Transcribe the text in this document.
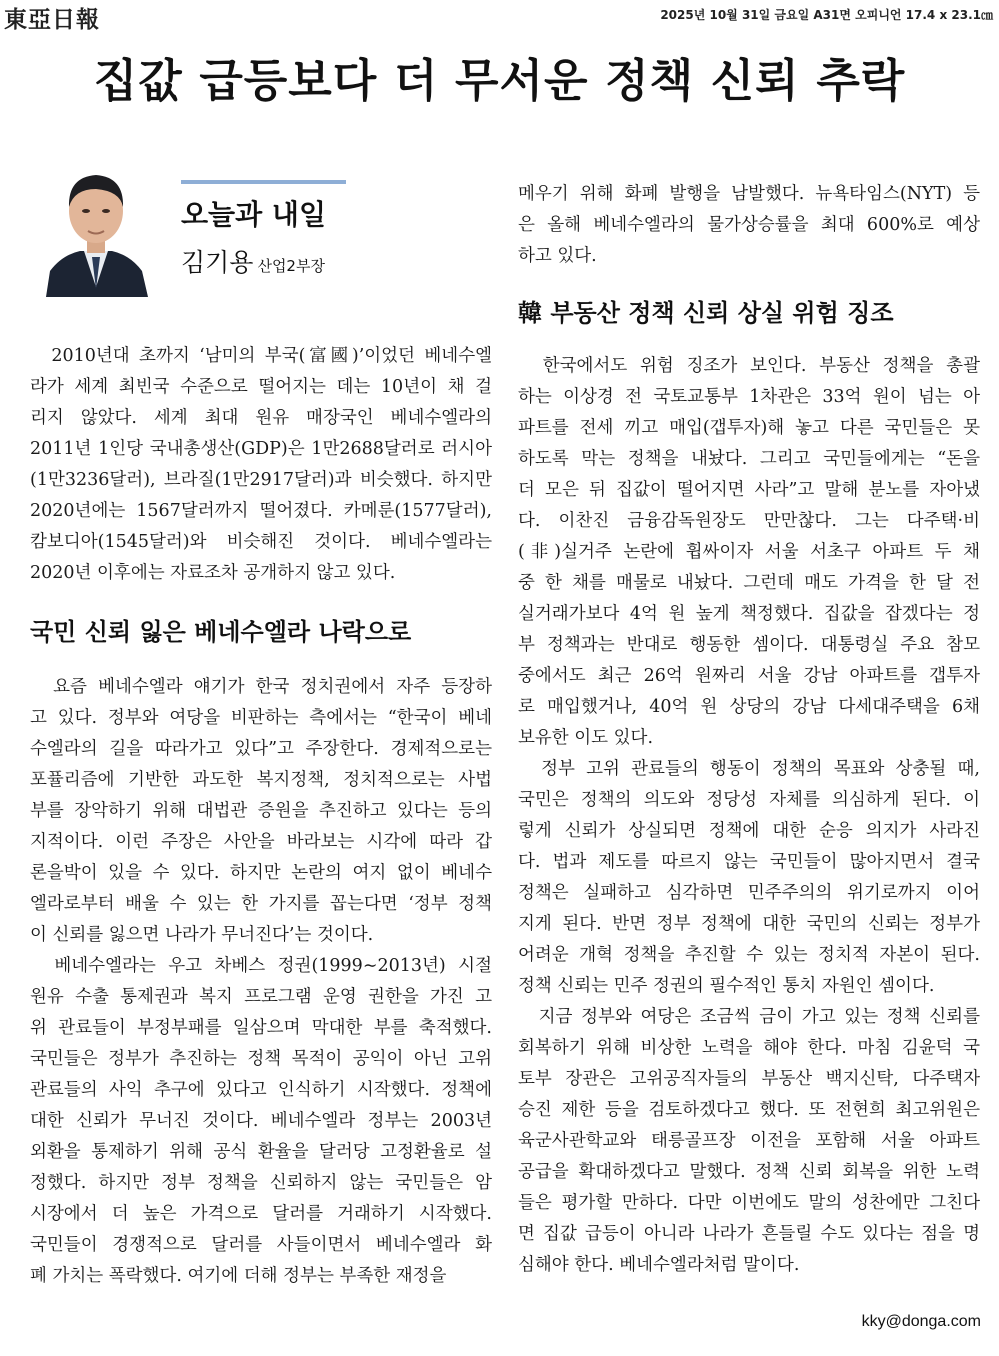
東亞日報	2025년 10월 31일 금요일 A31면 오피니언 17.4 x 23.1㎝
집값 급등보다 더 무서운 정책 신뢰 추락
오늘과 내일
김기용 산업2부장
　2010년대 초까지 ‘남미의 부국(富國)’이었던 베네수엘
라가 세계 최빈국 수준으로 떨어지는 데는 10년이 채 걸
리지 않았다. 세계 최대 원유 매장국인 베네수엘라의
2011년 1인당 국내총생산(GDP)은 1만2688달러로 러시아
(1만3236달러), 브라질(1만2917달러)과 비슷했다. 하지만
2020년에는 1567달러까지 떨어졌다. 카메룬(1577달러),
캄보디아(1545달러)와 비슷해진 것이다. 베네수엘라는
2020년 이후에는 자료조차 공개하지 않고 있다.
국민 신뢰 잃은 베네수엘라 나락으로
　요즘 베네수엘라 얘기가 한국 정치권에서 자주 등장하
고 있다. 정부와 여당을 비판하는 측에서는 “한국이 베네
수엘라의 길을 따라가고 있다”고 주장한다. 경제적으로는
포퓰리즘에 기반한 과도한 복지정책, 정치적으로는 사법
부를 장악하기 위해 대법관 증원을 추진하고 있다는 등의
지적이다. 이런 주장은 사안을 바라보는 시각에 따라 갑
론을박이 있을 수 있다. 하지만 논란의 여지 없이 베네수
엘라로부터 배울 수 있는 한 가지를 꼽는다면 ‘정부 정책
이 신뢰를 잃으면 나라가 무너진다’는 것이다.
　베네수엘라는 우고 차베스 정권(1999∼2013년) 시절
원유 수출 통제권과 복지 프로그램 운영 권한을 가진 고
위 관료들이 부정부패를 일삼으며 막대한 부를 축적했다.
국민들은 정부가 추진하는 정책 목적이 공익이 아닌 고위
관료들의 사익 추구에 있다고 인식하기 시작했다. 정책에
대한 신뢰가 무너진 것이다. 베네수엘라 정부는 2003년
외환을 통제하기 위해 공식 환율을 달러당 고정환율로 설
정했다. 하지만 정부 정책을 신뢰하지 않는 국민들은 암
시장에서 더 높은 가격으로 달러를 거래하기 시작했다.
국민들이 경쟁적으로 달러를 사들이면서 베네수엘라 화
폐 가치는 폭락했다. 여기에 더해 정부는 부족한 재정을
메우기 위해 화폐 발행을 남발했다. 뉴욕타임스(NYT) 등
은 올해 베네수엘라의 물가상승률을 최대 600%로 예상
하고 있다.
韓 부동산 정책 신뢰 상실 위험 징조
　한국에서도 위험 징조가 보인다. 부동산 정책을 총괄
하는 이상경 전 국토교통부 1차관은 33억 원이 넘는 아
파트를 전세 끼고 매입(갭투자)해 놓고 다른 국민들은 못
하도록 막는 정책을 내놨다. 그리고 국민들에게는 “돈을
더 모은 뒤 집값이 떨어지면 사라”고 말해 분노를 자아냈
다. 이찬진 금융감독원장도 만만찮다. 그는 다주택·비
(非)실거주 논란에 휩싸이자 서울 서초구 아파트 두 채
중 한 채를 매물로 내놨다. 그런데 매도 가격을 한 달 전
실거래가보다 4억 원 높게 책정했다. 집값을 잡겠다는 정
부 정책과는 반대로 행동한 셈이다. 대통령실 주요 참모
중에서도 최근 26억 원짜리 서울 강남 아파트를 갭투자
로 매입했거나, 40억 원 상당의 강남 다세대주택을 6채
보유한 이도 있다.
　정부 고위 관료들의 행동이 정책의 목표와 상충될 때,
국민은 정책의 의도와 정당성 자체를 의심하게 된다. 이
렇게 신뢰가 상실되면 정책에 대한 순응 의지가 사라진
다. 법과 제도를 따르지 않는 국민들이 많아지면서 결국
정책은 실패하고 심각하면 민주주의의 위기로까지 이어
지게 된다. 반면 정부 정책에 대한 국민의 신뢰는 정부가
어려운 개혁 정책을 추진할 수 있는 정치적 자본이 된다.
정책 신뢰는 민주 정권의 필수적인 통치 자원인 셈이다.
　지금 정부와 여당은 조금씩 금이 가고 있는 정책 신뢰를
회복하기 위해 비상한 노력을 해야 한다. 마침 김윤덕 국
토부 장관은 고위공직자들의 부동산 백지신탁, 다주택자
승진 제한 등을 검토하겠다고 했다. 또 전현희 최고위원은
육군사관학교와 태릉골프장 이전을 포함해 서울 아파트
공급을 확대하겠다고 말했다. 정책 신뢰 회복을 위한 노력
들은 평가할 만하다. 다만 이번에도 말의 성찬에만 그친다
면 집값 급등이 아니라 나라가 흔들릴 수도 있다는 점을 명
심해야 한다. 베네수엘라처럼 말이다.
kky@donga.com
